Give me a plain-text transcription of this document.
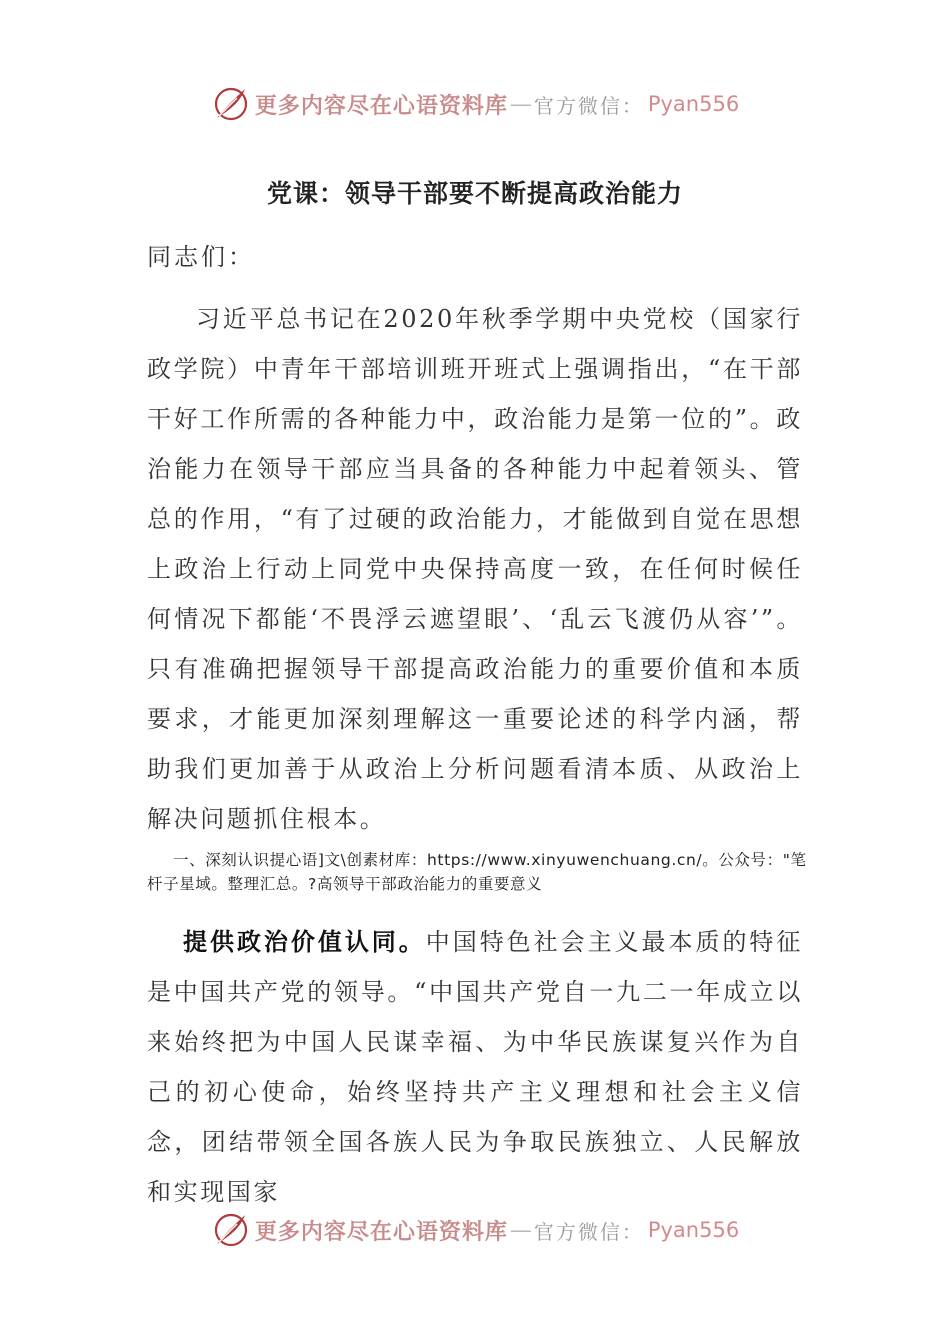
更多内容尽在心语资料库 — 官方微信： Pyan556
党课：领导干部要不断提高政治能力
同志们：

习近平总书记在2020年秋季学期中央党校（国家行政学院）中青年干部培训班开班式上强调指出，“在干部干好工作所需的各种能力中，政治能力是第一位的”。政治能力在领导干部应当具备的各种能力中起着领头、管总的作用，“有了过硬的政治能力，才能做到自觉在思想上政治上行动上同党中央保持高度一致，在任何时候任何情况下都能‘不畏浮云遮望眼’、‘乱云飞渡仍从容’”。只有准确把握领导干部提高政治能力的重要价值和本质要求，才能更加深刻理解这一重要论述的科学内涵，帮助我们更加善于从政治上分析问题看清本质、从政治上解决问题抓住根本。

一、深刻认识提心语]文\创素材库：https://www.xinyuwenchuang.cn/。公众号："笔杆子星域。整理汇总。?高领导干部政治能力的重要意义

提供政治价值认同。中国特色社会主义最本质的特征是中国共产党的领导。“中国共产党自一九二一年成立以来始终把为中国人民谋幸福、为中华民族谋复兴作为自己的初心使命，始终坚持共产主义理想和社会主义信念，团结带领全国各族人民为争取民族独立、人民解放和实现国家

更多内容尽在心语资料库 — 官方微信： Pyan556
